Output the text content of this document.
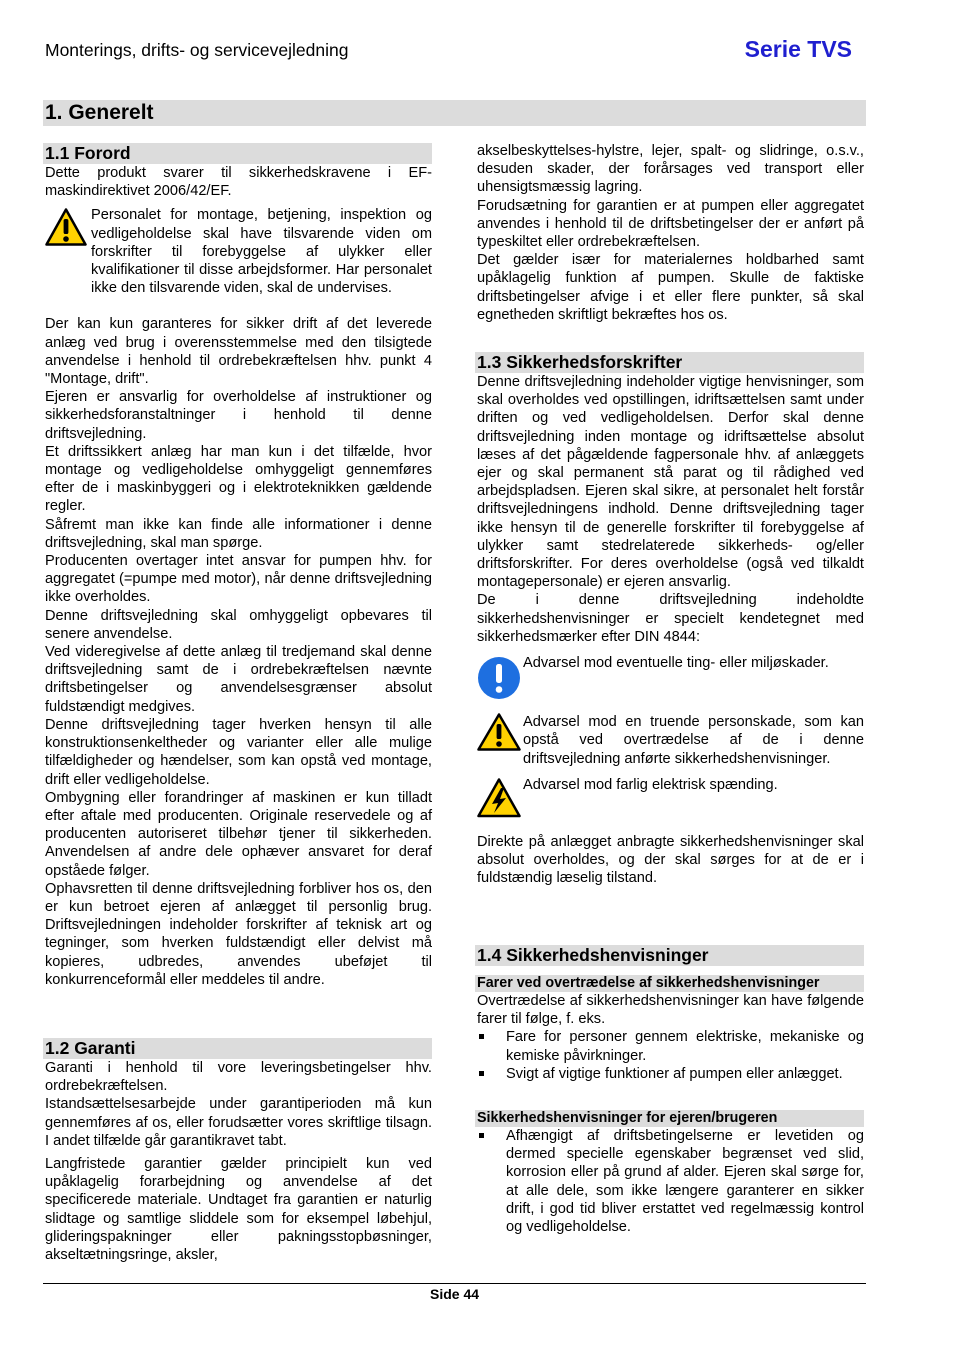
Monterings, drifts- og servicevejledning	Serie TVS
1. Generelt
1.1 Forord

Dette produkt svarer til sikkerhedskravene i EF-maskindirektivet 2006/42/EF.

Personalet for montage, betjening, inspektion og vedligeholdelse skal have tilsvarende viden om forskrifter til forebyggelse af ulykker eller kvalifikationer til disse arbejdsformer. Har personalet ikke den tilsvarende viden, skal de undervises.

Der kan kun garanteres for sikker drift af det leverede anlæg ved brug i overensstemmelse med den tilsigtede anvendelse i henhold til ordrebekræftelsen hhv. punkt 4 "Montage, drift".

Ejeren er ansvarlig for overholdelse af instruktioner og sikkerhedsforanstaltninger i henhold til denne driftsvejledning.

Et driftssikkert anlæg har man kun i det tilfælde, hvor montage og vedligeholdelse omhyggeligt gennemføres efter de i maskinbyggeri og i elektroteknikken gældende regler.

Såfremt man ikke kan finde alle informationer i denne driftsvejledning, skal man spørge.

Producenten overtager intet ansvar for pumpen hhv. for aggregatet (=pumpe med motor), når denne driftsvejledning ikke overholdes.

Denne driftsvejledning skal omhyggeligt opbevares til senere anvendelse.

Ved videregivelse af dette anlæg til tredjemand skal denne driftsvejledning samt de i ordrebekræftelsen nævnte driftsbetingelser og anvendelsesgrænser absolut fuldstændigt medgives.

Denne driftsvejledning tager hverken hensyn til alle konstruktionsenkeltheder og varianter eller alle mulige tilfældigheder og hændelser, som kan opstå ved montage, drift eller vedligeholdelse.

Ombygning eller forandringer af maskinen er kun tilladt efter aftale med producenten. Originale reservedele og af producenten autoriseret tilbehør tjener til sikkerheden. Anvendelsen af andre dele ophæver ansvaret for deraf opståede følger.

Ophavsretten til denne driftsvejledning forbliver hos os, den er kun betroet ejeren af anlægget til personlig brug. Driftsvejledningen indeholder forskrifter af teknisk art og tegninger, som hverken fuldstændigt eller delvist må kopieres, udbredes, anvendes ubeføjet til konkurrenceformål eller meddeles til andre.

1.2 Garanti

Garanti i henhold til vore leveringsbetingelser hhv. ordrebekræftelsen.

Istandsættelsesarbejde under garantiperioden må kun gennemføres af os, eller forudsætter vores skriftlige tilsagn. I andet tilfælde går garantikravet tabt.

Langfristede garantier gælder principielt kun ved upåklagelig forarbejdning og anvendelse af det specificerede materiale. Undtaget fra garantien er naturlig slidtage og samtlige sliddele som for eksempel løbehjul, glideringspakninger eller pakningsstopbøsninger, akseltætningsringe, aksler,

akselbeskyttelses-hylstre, lejer, spalt- og slidringe, o.s.v., desuden skader, der forårsages ved transport eller uhensigtsmæssig lagring.

Forudsætning for garantien er at pumpen eller aggregatet anvendes i henhold til de driftsbetingelser der er anført på typeskiltet eller ordrebekræftelsen.

Det gælder især for materialernes holdbarhed samt upåklagelig funktion af pumpen. Skulle de faktiske driftsbetingelser afvige i et eller flere punkter, så skal egnetheden skriftligt bekræftes hos os.

1.3 Sikkerhedsforskrifter

Denne driftsvejledning indeholder vigtige henvisninger, som skal overholdes ved opstillingen, idriftsættelsen samt under driften og ved vedligeholdelsen. Derfor skal denne driftsvejledning inden montage og idriftsættelse absolut læses af det pågældende fagpersonale hhv. af anlæggets ejer og skal permanent stå parat og til rådighed ved arbejdspladsen. Ejeren skal sikre, at personalet helt forstår driftsvejledningens indhold. Denne driftsvejledning tager ikke hensyn til de generelle forskrifter til forebyggelse af ulykker samt stedrelaterede sikkerheds- og/eller driftsforskrifter. For deres overholdelse (også ved tilkaldt montagepersonale) er ejeren ansvarlig.

De i denne driftsvejledning indeholdte sikkerhedshenvisninger er specielt kendetegnet med sikkerhedsmærker efter DIN 4844:

Advarsel mod eventuelle ting- eller miljøskader.
Advarsel mod en truende personskade, som kan opstå ved overtrædelse af de i denne driftsvejledning anførte sikkerhedshenvisninger.
Advarsel mod farlig elektrisk spænding.

Direkte på anlægget anbragte sikkerhedshenvisninger skal absolut overholdes, og der skal sørges for at de er i fuldstændig læselig tilstand.

1.4 Sikkerhedshenvisninger
Farer ved overtrædelse af sikkerhedshenvisninger

Overtrædelse af sikkerhedshenvisninger kan have følgende farer til følge, f. eks.

Fare for personer gennem elektriske, mekaniske og kemiske påvirkninger.
Svigt af vigtige funktioner af pumpen eller anlægget.
Sikkerhedshenvisninger for ejeren/brugeren
Afhængigt af driftsbetingelserne er levetiden og dermed specielle egenskaber begrænset ved slid, korrosion eller på grund af alder. Ejeren skal sørge for, at alle dele, som ikke længere garanterer en sikker drift, i god tid bliver erstattet ved regelmæssig kontrol og vedligeholdelse.
Side 44
